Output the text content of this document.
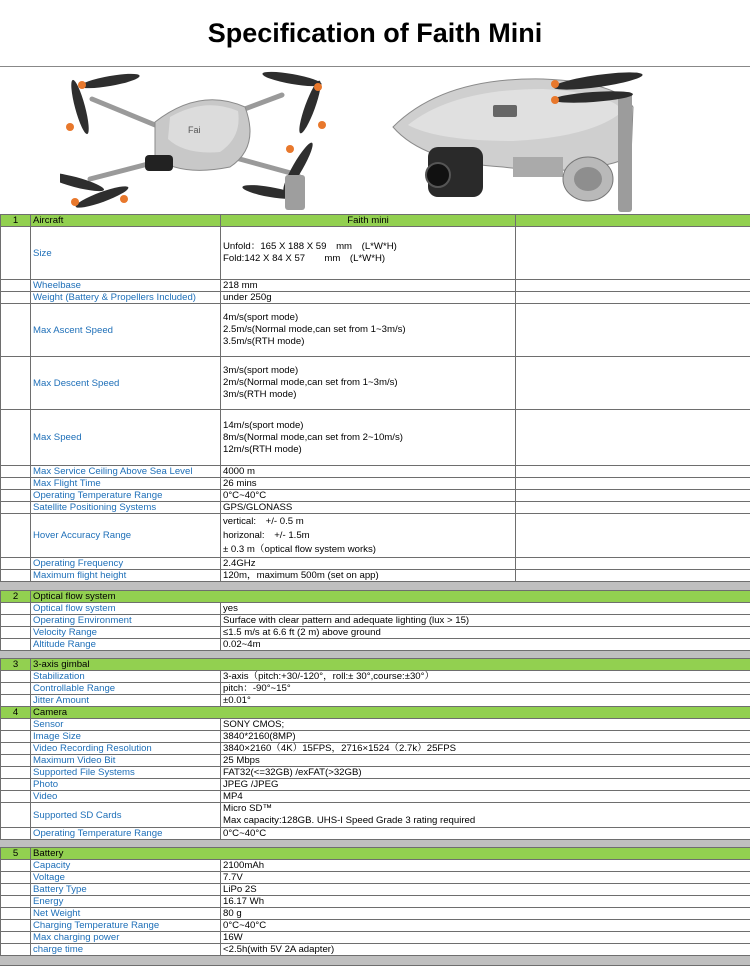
Specification of Faith Mini
Fai
1	Aircraft	Faith mini	
	Size	Unfold：165 X 188 X 59　mm　(L*W*H)
Fold:142 X 84 X 57　　mm　(L*W*H)	

	Wheelbase	218 mm	
	Weight (Battery & Propellers Included)	under 250g	
	Max Ascent Speed	4m/s(sport mode)
2.5m/s(Normal mode,can set from 1~3m/s)
3.5m/s(RTH mode)	

	Max Descent Speed	3m/s(sport mode)
2m/s(Normal mode,can set from 1~3m/s)
3m/s(RTH mode)	

	Max Speed	14m/s(sport mode)
8m/s(Normal mode,can set from 2~10m/s)
12m/s(RTH mode)	

	Max Service Ceiling Above Sea Level	4000 m	
	Max Flight Time	26 mins	
	Operating Temperature Range	0°C~40°C	
	Satellite Positioning Systems	GPS/GLONASS	
	Hover Accuracy Range	vertical:　+/- 0.5 m
horizonal:　+/- 1.5m
± 0.3 m（optical flow system works)	

	Operating Frequency	2.4GHz	
	Maximum flight height	120m，maximum 500m (set on app)	

2	Optical flow system		
	Optical flow system	yes	
	Operating Environment	Surface with clear pattern and adequate lighting (lux > 15)	
	Velocity Range	≤1.5 m/s at 6.6 ft (2 m) above ground	
	Altitude Range	0.02~4m	

3	3-axis gimbal		
	Stabilization	3-axis（pitch:+30/-120°，roll:± 30°,course:±30°）	
	Controllable Range	pitch：-90°~15°	
	Jitter Amount	±0.01°	
4	Camera		
	Sensor	SONY CMOS;	
	Image Size	3840*2160(8MP)	
	Video Recording Resolution	3840×2160（4K）15FPS，2716×1524（2.7k）25FPS	
	Maximum Video Bit	25 Mbps	
	Supported File Systems	FAT32(<=32GB) /exFAT(>32GB)	
	Photo	JPEG /JPEG	
	Video	MP4	
	Supported SD Cards	Micro SD™
Max capacity:128GB. UHS-I Speed Grade 3 rating required	

	Operating Temperature Range	0°C~40°C	

5	Battery		
	Capacity	2100mAh	
	Voltage	7.7V	
	Battery Type	LiPo 2S	
	Energy	16.17 Wh	
	Net Weight	80 g	
	Charging Temperature Range	0°C~40°C	
	Max charging power	16W	
	charge time	<2.5h(with 5V 2A adapter)	
